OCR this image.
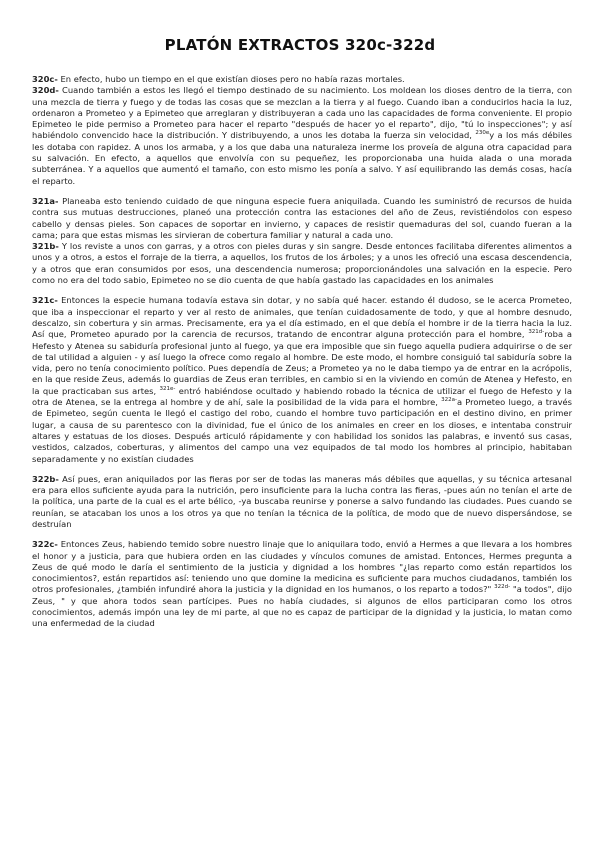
PLATÓN EXTRACTOS 320c-322d

320c- En efecto, hubo un tiempo en el que existían dioses pero no había razas mortales.

320d- Cuando también a estos les llegó el tiempo destinado de su nacimiento. Los moldean los dioses dentro de la tierra, con una mezcla de tierra y fuego y de todas las cosas que se mezclan a la tierra y al fuego. Cuando iban a conducirlos hacia la luz, ordenaron a Prometeo y a Epimeteo que arreglaran y distribuyeran a cada uno las capacidades de forma conveniente. El propio Epimeteo le pide permiso a Prometeo para hacer el reparto "después de hacer yo el reparto", dijo, "tú lo inspecciones"; y así habiéndolo convencido hace la distribución. Y distribuyendo, a unos les dotaba la fuerza sin velocidad, $^{230e}$y a los más débiles les dotaba con rapidez. A unos los armaba, y a los que daba una naturaleza inerme los proveía de alguna otra capacidad para su salvación. En efecto, a aquellos que envolvía con su pequeñez, les proporcionaba una huida alada o una morada subterránea. Y a aquellos que aumentó el tamaño, con esto mismo les ponía a salvo. Y así equilibrando las demás cosas, hacía el reparto.

321a- Planeaba esto teniendo cuidado de que ninguna especie fuera aniquilada. Cuando les suministró de recursos de huida contra sus mutuas destrucciones, planeó una protección contra las estaciones del año de Zeus, revistiéndolos con espeso cabello y densas pieles. Son capaces de soportar en invierno, y capaces de resistir quemaduras del sol, cuando fueran a la cama; para que estas mismas les sirvieran de cobertura familiar y natural a cada uno.

321b- Y los reviste a unos con garras, y a otros con pieles duras y sin sangre. Desde entonces facilitaba diferentes alimentos a unos y a otros, a estos el forraje de la tierra, a aquellos, los frutos de los árboles; y a unos les ofreció una escasa descendencia, y a otros que eran consumidos por esos, una descendencia numerosa; proporcionándoles una salvación en la especie. Pero como no era del todo sabio, Epimeteo no se dio cuenta de que había gastado las capacidades en los animales

321c- Entonces la especie humana todavía estava sin dotar, y no sabía qué hacer. estando él dudoso, se le acerca Prometeo, que iba a inspeccionar el reparto y ver al resto de animales, que tenían cuidadosamente de todo, y que al hombre desnudo, descalzo, sin cobertura y sin armas. Precisamente, era ya el día estimado, en el que debía el hombre ir de la tierra hacia la luz. Así que, Prometeo apurado por la carencia de recursos, tratando de encontrar alguna protección para el hombre, $^{321d-}$roba a Hefesto y Atenea su sabiduría profesional junto al fuego, ya que era imposible que sin fuego aquella pudiera adquirirse o de ser de tal utilidad a alguien - y así luego la ofrece como regalo al hombre. De este modo, el hombre consiguió tal sabiduría sobre la vida, pero no tenía conocimiento político. Pues dependía de Zeus; a Prometeo ya no le daba tiempo ya de entrar en la acrópolis, en la que reside Zeus, además lo guardias de Zeus eran terribles, en cambio si en la viviendo en común de Atenea y Hefesto, en la que practicaban sus artes, $^{321e-}$ entró habiéndose ocultado y habiendo robado la técnica de utilizar el fuego de Hefesto y la otra de Atenea, se la entrega al hombre y de ahí, sale la posibilidad de la vida para el hombre, $^{322a-}$a Prometeo luego, a través de Epimeteo, según cuenta le llegó el castigo del robo, cuando el hombre tuvo participación en el destino divino, en primer lugar, a causa de su parentesco con la divinidad, fue el único de los animales en creer en los dioses, e intentaba construir altares y estatuas de los dioses. Después articuló rápidamente y con habilidad los sonidos las palabras, e inventó sus casas, vestidos, calzados, coberturas, y alimentos del campo una vez equipados de tal modo los hombres al principio, habitaban separadamente y no existían ciudades

322b- Así pues, eran aniquilados por las fieras por ser de todas las maneras más débiles que aquellas, y su técnica artesanal era para ellos suficiente ayuda para la nutrición, pero insuficiente para la lucha contra las fieras, -pues aún no tenían el arte de la política, una parte de la cual es el arte bélico, -ya buscaba reunirse y ponerse a salvo fundando las ciudades. Pues cuando se reunían, se atacaban los unos a los otros ya que no tenían la técnica de la política, de modo que de nuevo dispersándose, se destruían

322c- Entonces Zeus, habiendo temido sobre nuestro linaje que lo aniquilara todo, envió a Hermes a que llevara a los hombres el honor y a justicia, para que hubiera orden en las ciudades y vínculos comunes de amistad. Entonces, Hermes pregunta a Zeus de qué modo le daría el sentimiento de la justicia y dignidad a los hombres "¿las reparto como están repartidos los conocimientos?, están repartidos así: teniendo uno que domine la medicina es suficiente para muchos ciudadanos, también los otros profesionales, ¿también infundiré ahora la justicia y la dignidad en los humanos, o los reparto a todos?" $^{322d-}$ "a todos", dijo Zeus, " y que ahora todos sean partícipes. Pues no había ciudades, si algunos de ellos participaran como los otros conocimientos, además impón una ley de mi parte, al que no es capaz de participar de la dignidad y la justicia, lo matan como una enfermedad de la ciudad
